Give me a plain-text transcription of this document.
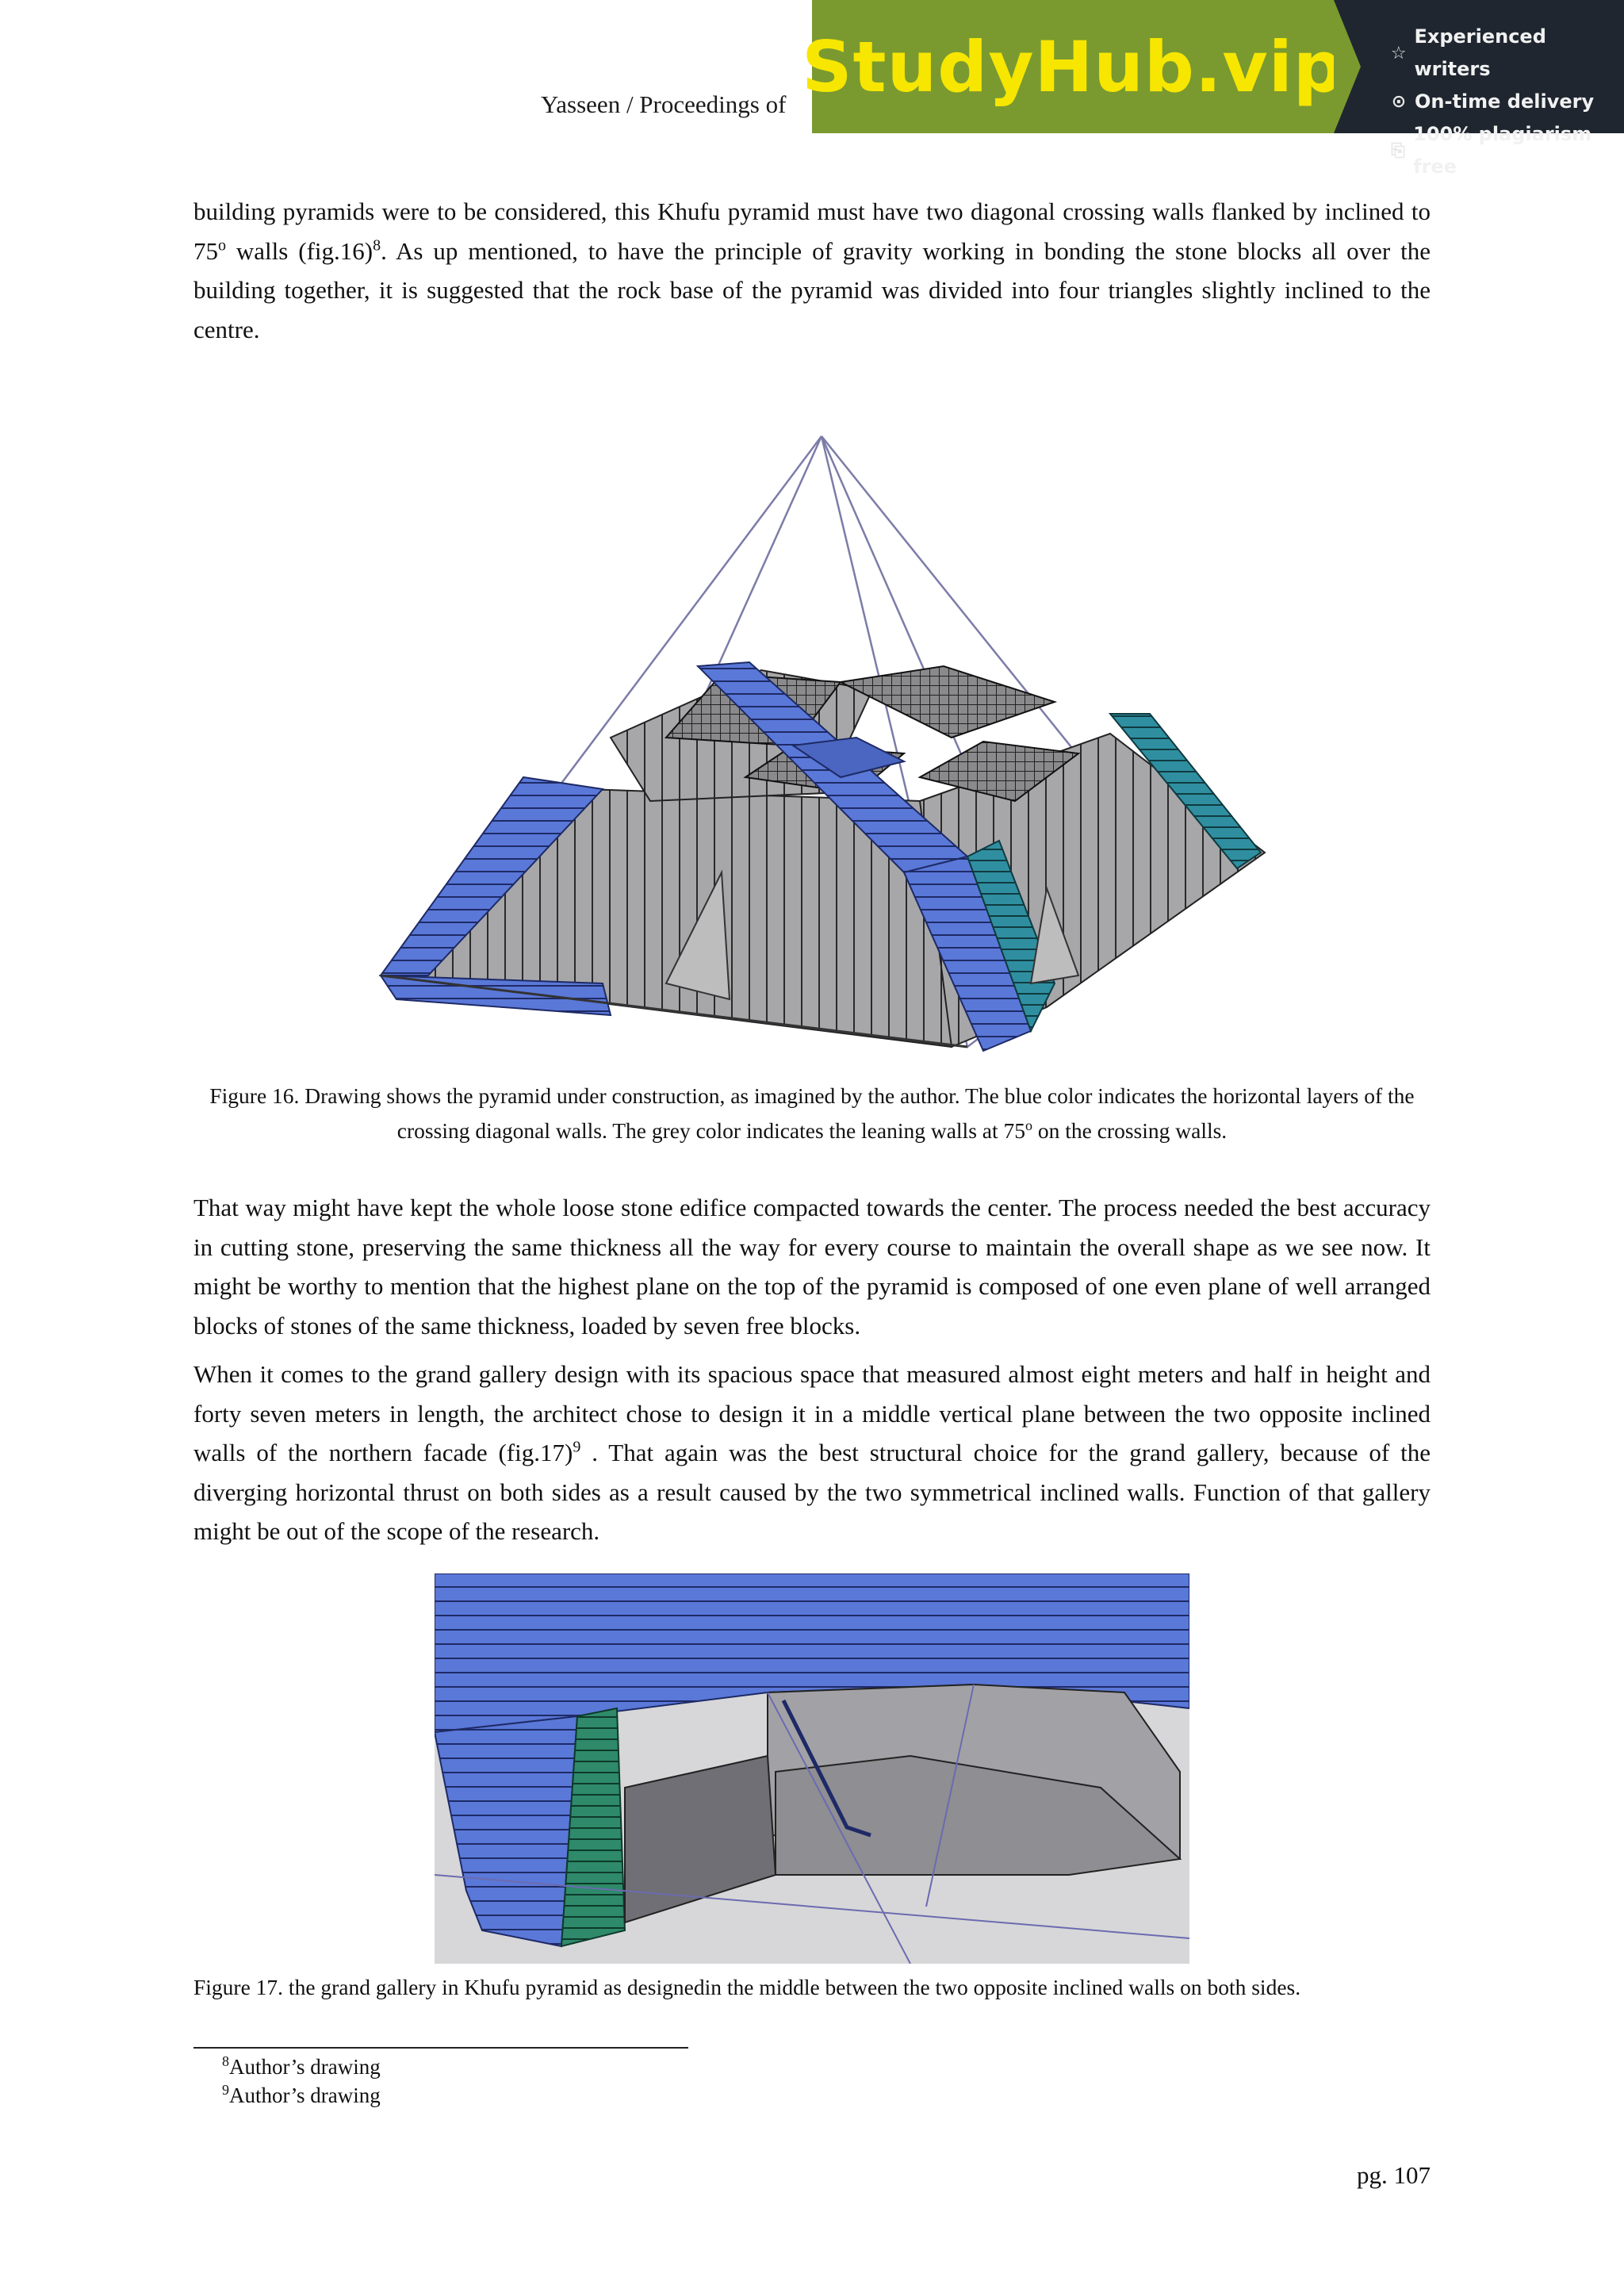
Yasseen / Proceedings of StudyHub.vip	☆
Experienced writers
⊙ On-time delivery
⎘
100% plagiarism free

building pyramids were to be considered, this Khufu pyramid must have two diagonal crossing walls flanked by inclined to 75$^o$ walls $(fig.16)^8$. As up mentioned, to have the principle of gravity working in bonding the stone blocks all over the building together, it is suggested that the rock base of the pyramid was divided into four triangles slightly inclined to the centre.

Figure 16. Drawing shows the pyramid under construction, as imagined by the author. The blue color indicates the horizontal layers of the crossing diagonal walls. The grey color indicates the leaning walls at 75$^o$ on the crossing walls.

That way might have kept the whole loose stone edifice compacted towards the center. The process needed the best accuracy in cutting stone, preserving the same thickness all the way for every course to maintain the overall shape as we see now. It might be worthy to mention that the highest plane on the top of the pyramid is composed of one even plane of well arranged blocks of stones of the same thickness, loaded by seven free blocks.

When it comes to the grand gallery design with its spacious space that measured almost eight meters and half in height and forty seven meters in length, the architect chose to design it in a middle vertical plane between the two opposite inclined walls of the northern facade $(fig.17)^9$ . That again was the best structural choice for the grand gallery, because of the diverging horizontal thrust on both sides as a result caused by the two symmetrical inclined walls. Function of that gallery might be out of the scope of the research.

Figure 17. the grand gallery in Khufu pyramid as designedin the middle between the two opposite inclined walls on both sides.

$^8$Author’s drawing
$^9$Author’s drawing
pg. 107
